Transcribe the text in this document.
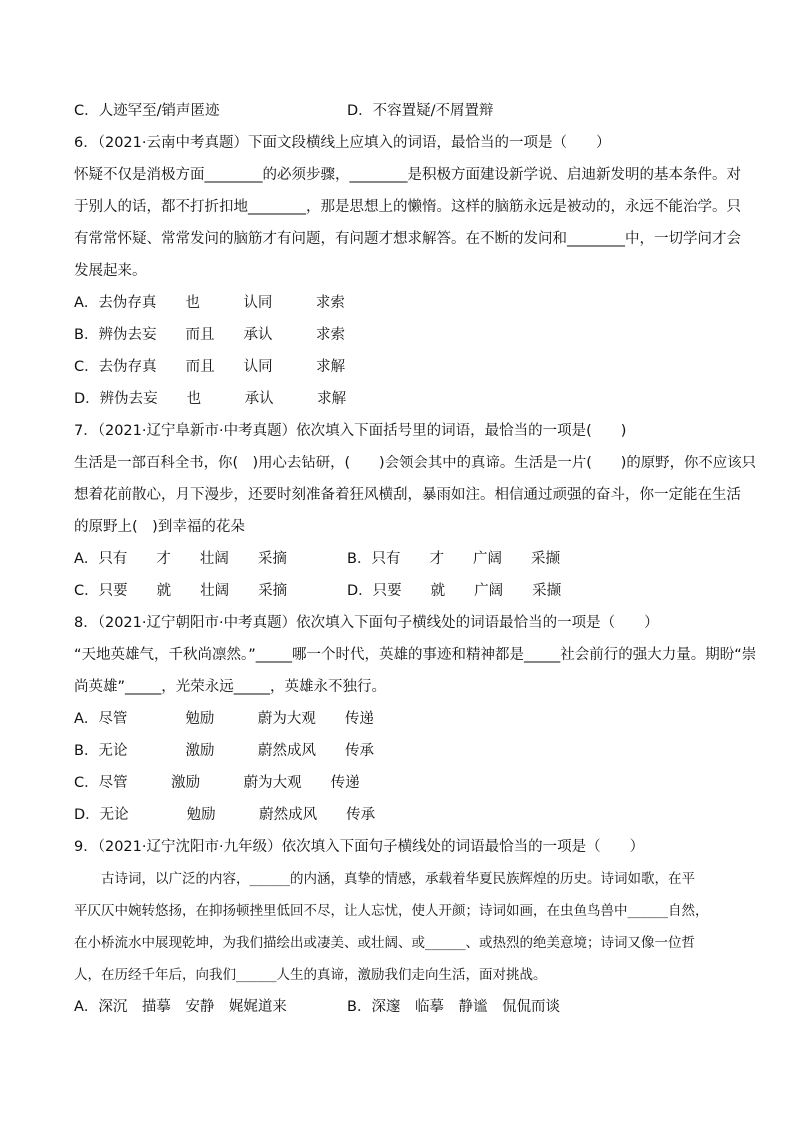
C．人迹罕至/销声匿迹	D．不容置疑/不屑置辩
6．（2021·云南中考真题）下面文段横线上应填入的词语，最恰当的一项是（　　）
怀疑不仅是消极方面________的必须步骤，________是积极方面建设新学说、启迪新发明的基本条件。对
于别人的话，都不打折扣地________，那是思想上的懒惰。这样的脑筋永远是被动的，永远不能治学。只
有常常怀疑、常常发问的脑筋才有问题，有问题才想求解答。在不断的发问和________中，一切学问才会
发展起来。
A．去伪存真　　也　　　认同　　　求索
B．辨伪去妄　　而且　　承认　　　求索
C．去伪存真　　而且　　认同　　　求解
D．辨伪去妄　　也　　　承认　　　求解
7．（2021·辽宁阜新市·中考真题）依次填入下面括号里的词语，最恰当的一项是(　　)
生活是一部百科全书，你(　)用心去钻研，(　　)会领会其中的真谛。生活是一片(　　)的原野，你不应该只
想着花前散心，月下漫步，还要时刻准备着狂风横刮，暴雨如注。相信通过顽强的奋斗，你一定能在生活
的原野上(　)到幸福的花朵
A．只有　　才　　壮阔　　采摘	B．只有　　才　　广阔　　采撷
C．只要　　就　　壮阔　　采摘	D．只要　　就　　广阔　　采撷
8．（2021·辽宁朝阳市·中考真题）依次填入下面句子横线处的词语最恰当的一项是（　　）
“天地英雄气，千秋尚凛然。”_____哪一个时代，英雄的事迹和精神都是_____社会前行的强大力量。期盼“崇
尚英雄”_____，光荣永远_____，英雄永不独行。
A．尽管　　　　勉励　　　蔚为大观　　传递
B．无论　　　　激励　　　蔚然成风　　传承
C．尽管　　　激励　　　蔚为大观　　传递
D．无论　　　　勉励　　　蔚然成风　　传承
9．（2021·辽宁沈阳市·九年级）依次填入下面句子横线处的词语最恰当的一项是（　　）
　　古诗词，以广泛的内容，______的内涵，真挚的情感，承载着华夏民族辉煌的历史。诗词如歌，在平
平仄仄中婉转悠扬，在抑扬顿挫里低回不尽，让人忘忧，使人开颜；诗词如画，在虫鱼鸟兽中______自然，
在小桥流水中展现乾坤，为我们描绘出或凄美、或壮阔、或______、或热烈的绝美意境；诗词又像一位哲
人，在历经千年后，向我们______人生的真谛，激励我们走向生活，面对挑战。
A．深沉　描摹　安静　娓娓道来	B．深邃　临摹　静谧　侃侃而谈
